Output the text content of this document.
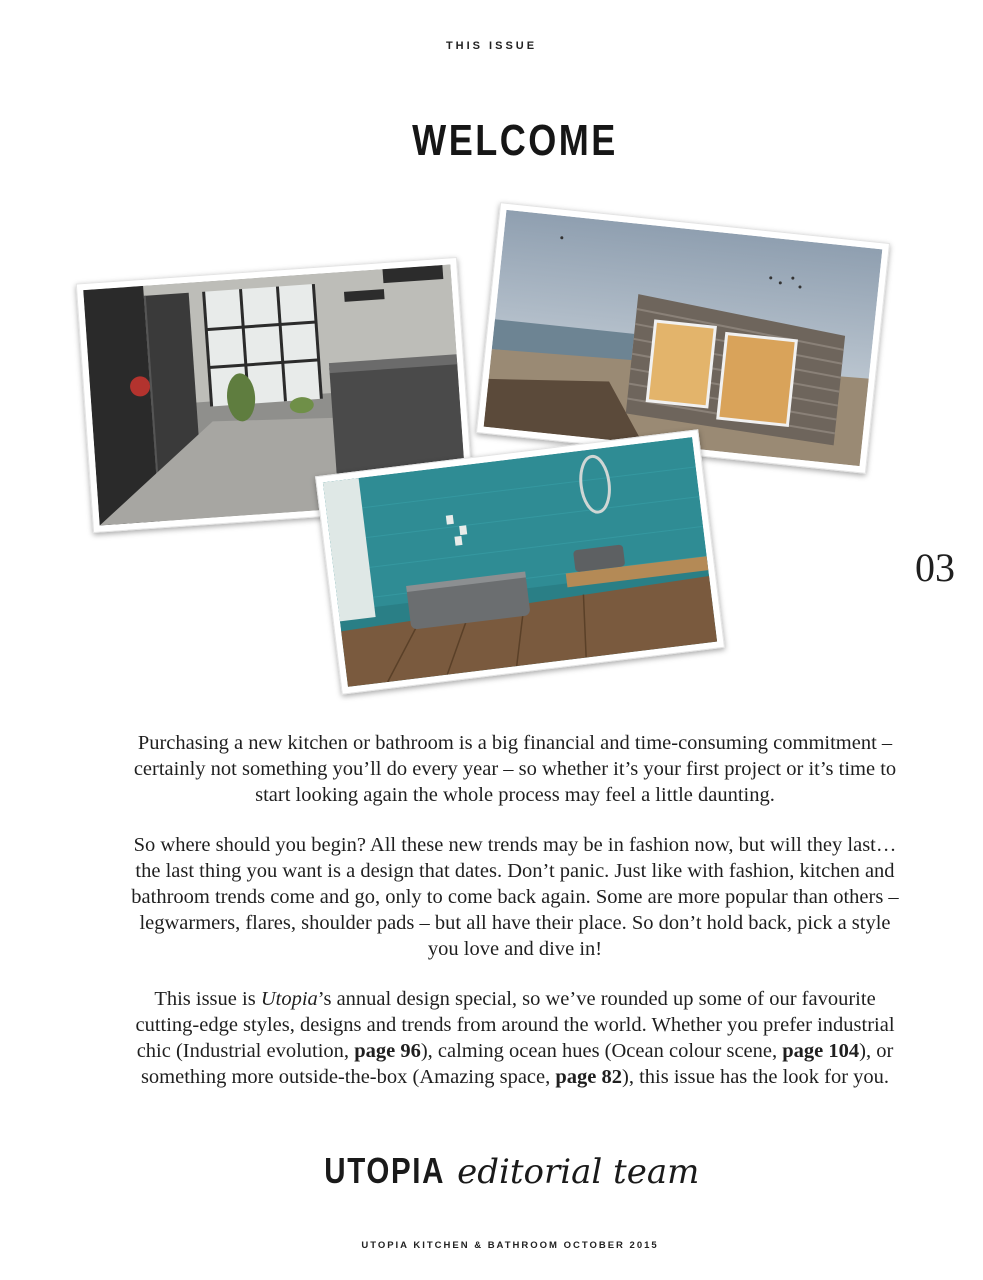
THIS ISSUE
WELCOME
03

Purchasing a new kitchen or bathroom is a big financial and time-consuming commitment – certainly not something you’ll do every year – so whether it’s your first project or it’s time to start looking again the whole process may feel a little daunting.

So where should you begin? All these new trends may be in fashion now, but will they last… the last thing you want is a design that dates. Don’t panic. Just like with fashion, kitchen and bathroom trends come and go, only to come back again. Some are more popular than others – legwarmers, flares, shoulder pads – but all have their place. So don’t hold back, pick a style you love and dive in!

This issue is Utopia’s annual design special, so we’ve rounded up some of our favourite cutting-edge styles, designs and trends from around the world. Whether you prefer industrial chic (Industrial evolution, page 96), calming ocean hues (Ocean colour scene, page 104), or something more outside-the-box (Amazing space, page 82), this issue has the look for you.

UTOPIA editorial team
UTOPIA KITCHEN & BATHROOM OCTOBER 2015
